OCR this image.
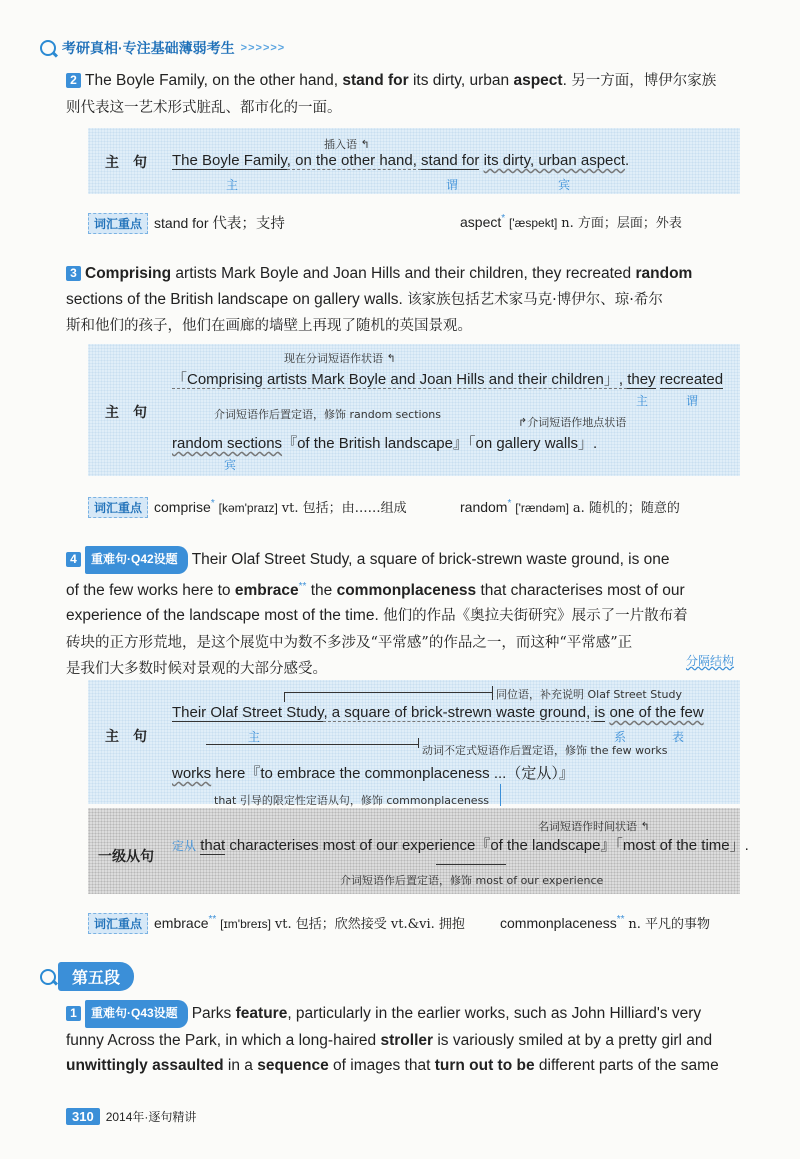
考研真相·专注基础薄弱考生 >>>>>>
2 The Boyle Family, on the other hand, stand for its dirty, urban aspect. 另一方面，博伊尔家族
则代表这一艺术形式脏乱、都市化的一面。
主　句
插入语 ↰
The Boyle Family, on the other hand, stand for its dirty, urban aspect.
主	谓	宾
词汇重点 stand for 代表；支持	aspect* ['æspekt] n. 方面；层面；外表
3 Comprising artists Mark Boyle and Joan Hills and their children, they recreated random
sections of the British landscape on gallery walls. 该家族包括艺术家马克·博伊尔、琼·希尔
斯和他们的孩子，他们在画廊的墙壁上再现了随机的英国景观。
主　句
现在分词短语作状语 ↰
「Comprising artists Mark Boyle and Joan Hills and their children」, they recreated
主	谓
介词短语作后置定语，修饰 random sections
↱介词短语作地点状语
random sections『of the British landscape』「on gallery walls」.
宾
词汇重点 comprise* [kəm'praɪz] vt. 包括；由……组成	random* ['rændəm] a. 随机的；随意的
4 重难句·Q42设题 Their Olaf Street Study, a square of brick-strewn waste ground, is one
of the few works here to embrace** the commonplaceness that characterises most of our
experience of the landscape most of the time. 他们的作品《奥拉夫街研究》展示了一片散布着
砖块的正方形荒地，是这个展览中为数不多涉及“平常感”的作品之一，而这种“平常感”正
是我们大多数时候对景观的大部分感受。	分隔结构
主　句
同位语，补充说明 Olaf Street Study
Their Olaf Street Study, a square of brick-strewn waste ground, is one of the few
主	系	表
动词不定式短语作后置定语，修饰 the few works
works here『to embrace the commonplaceness ...（定从）』
that 引导的限定性定语从句，修饰 commonplaceness
一级从句
名词短语作时间状语 ↰
定从 that characterises most of our experience『of the landscape』「most of the time」.
介词短语作后置定语，修饰 most of our experience
词汇重点 embrace** [ɪm'breɪs] vt. 包括；欣然接受 vt.&vi. 拥抱	commonplaceness** n. 平凡的事物
第五段
1 重难句·Q43设题 Parks feature, particularly in the earlier works, such as John Hilliard's very
funny Across the Park, in which a long-haired stroller is variously smiled at by a pretty girl and
unwittingly assaulted in a sequence of images that turn out to be different parts of the same
310	2014年·逐句精讲
